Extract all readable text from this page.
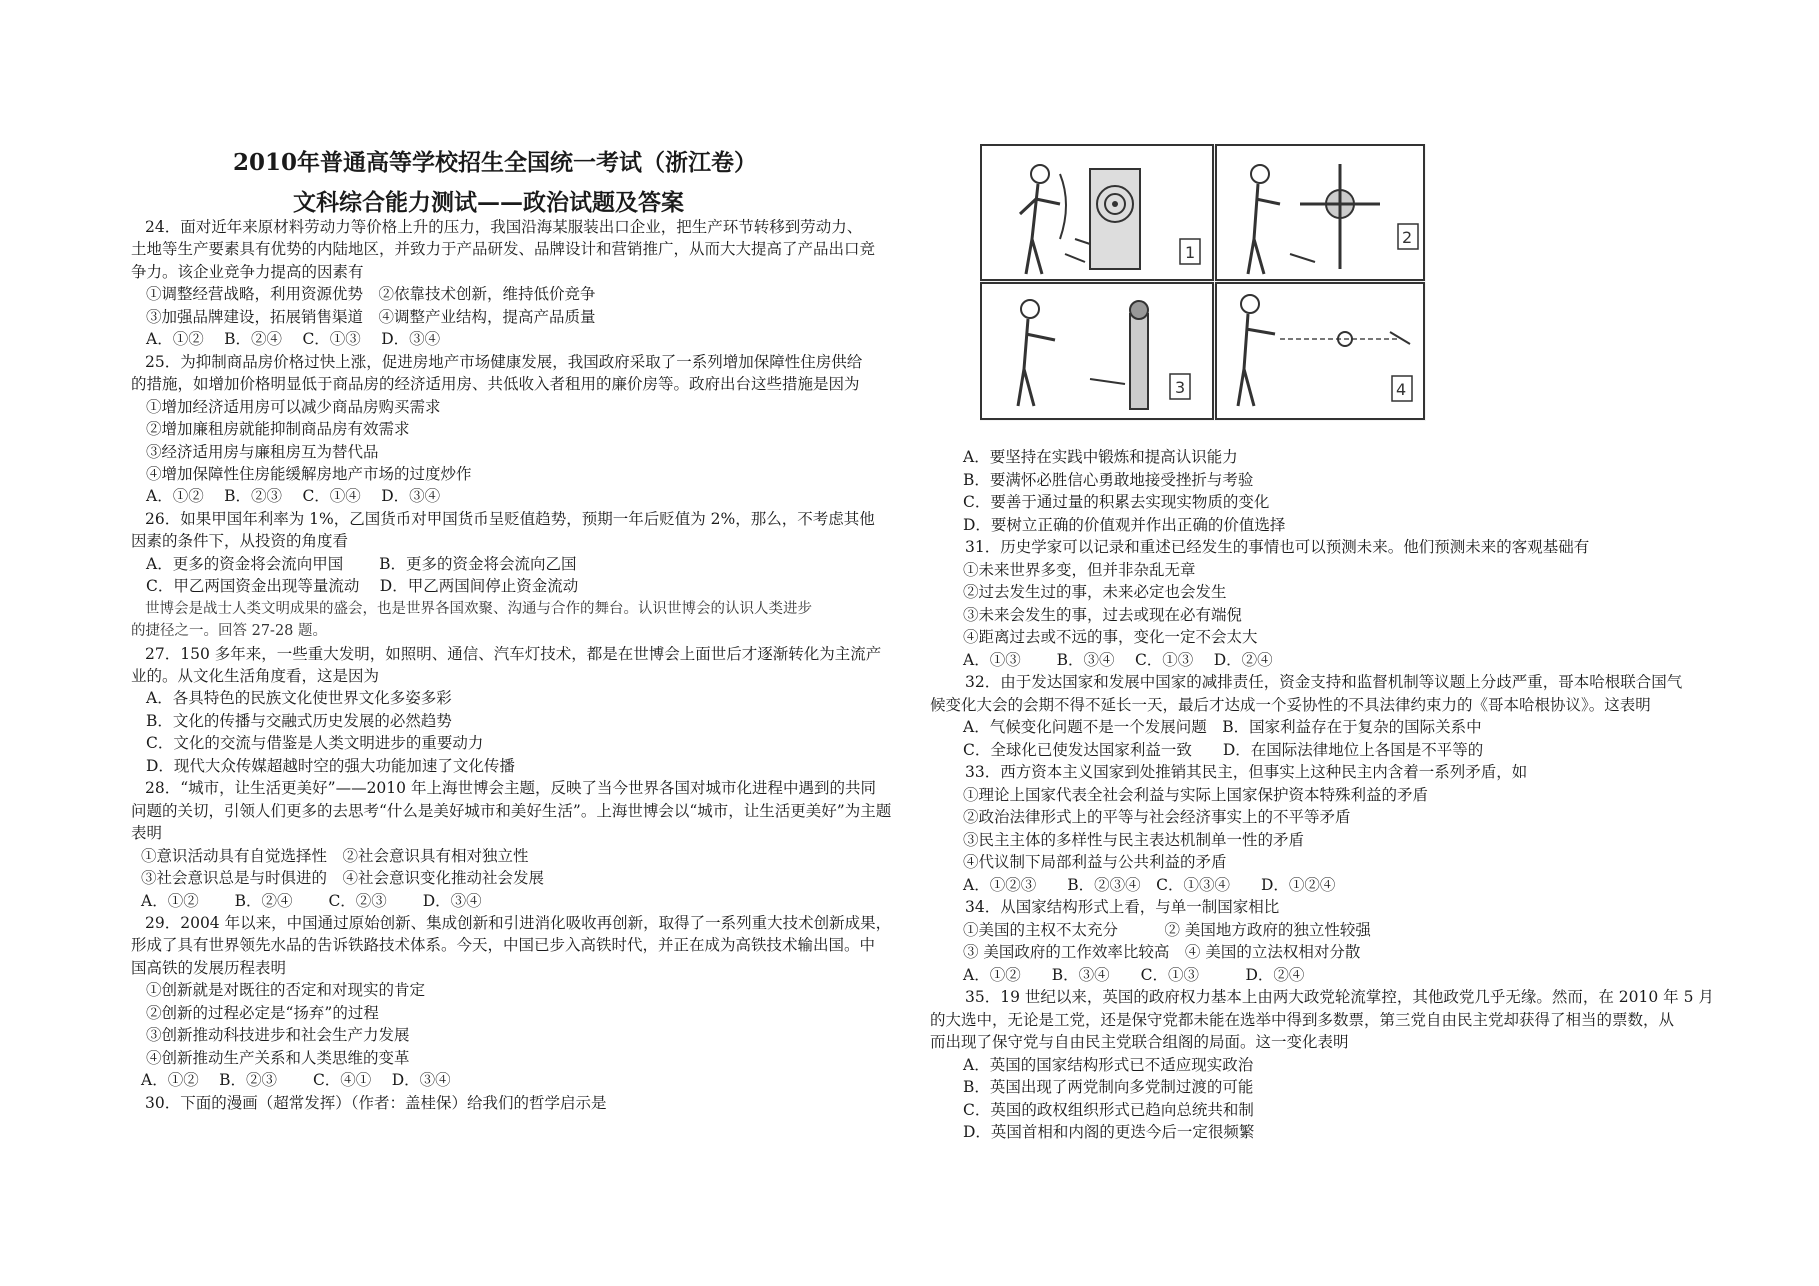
2010年普通高等学校招生全国统一考试（浙江卷）
文科综合能力测试——政治试题及答案
24．面对近年来原材料劳动力等价格上升的压力，我国沿海某服装出口企业，把生产环节转移到劳动力、
土地等生产要素具有优势的内陆地区，并致力于产品研发、品牌设计和营销推广，从而大大提高了产品出口竞
争力。该企业竞争力提高的因素有
①调整经营战略，利用资源优势　②依靠技术创新，维持低价竞争
③加强品牌建设，拓展销售渠道　④调整产业结构，提高产品质量
A．①②　 B．②④　 C．①③　 D．③④
25．为抑制商品房价格过快上涨，促进房地产市场健康发展，我国政府采取了一系列增加保障性住房供给
的措施，如增加价格明显低于商品房的经济适用房、共低收入者租用的廉价房等。政府出台这些措施是因为
①增加经济适用房可以减少商品房购买需求
②增加廉租房就能抑制商品房有效需求
③经济适用房与廉租房互为替代品
④增加保障性住房能缓解房地产市场的过度炒作
A．①②　 B．②③　 C．①④　 D．③④
26．如果甲国年利率为 1%，乙国货币对甲国货币呈贬值趋势，预期一年后贬值为 2%，那么，不考虑其他
因素的条件下，从投资的角度看
A．更多的资金将会流向甲国　　 B．更多的资金将会流向乙国
C．甲乙两国资金出现等量流动　 D．甲乙两国间停止资金流动
世博会是战士人类文明成果的盛会，也是世界各国欢聚、沟通与合作的舞台。认识世博会的认识人类进步
的捷径之一。回答 27-28 题。
27．150 多年来，一些重大发明，如照明、通信、汽车灯技术，都是在世博会上面世后才逐渐转化为主流产
业的。从文化生活角度看，这是因为
A．各具特色的民族文化使世界文化多姿多彩
B．文化的传播与交融式历史发展的必然趋势
C．文化的交流与借鉴是人类文明进步的重要动力
D．现代大众传媒超越时空的强大功能加速了文化传播
28．“城市，让生活更美好”——2010 年上海世博会主题，反映了当今世界各国对城市化进程中遇到的共同
问题的关切，引领人们更多的去思考“什么是美好城市和美好生活”。上海世博会以“城市，让生活更美好”为主题
表明
①意识活动具有自觉选择性　②社会意识具有相对独立性
③社会意识总是与时俱进的　④社会意识变化推动社会发展
A．①②　　 B．②④　　 C．②③　　 D．③④
29．2004 年以来，中国通过原始创新、集成创新和引进消化吸收再创新，取得了一系列重大技术创新成果，
形成了具有世界领先水品的吿诉铁路技术体系。今天，中国已步入高铁时代，并正在成为高铁技术输出国。中
国高铁的发展历程表明
①创新就是对既往的否定和对现实的肯定
②创新的过程必定是“扬弃”的过程
③创新推动科技进步和社会生产力发展
④创新推动生产关系和人类思维的变革
A．①②　 B．②③　　 C．④①　 D．③④
30．下面的漫画（超常发挥）（作者：盖桂保）给我们的哲学启示是
A．要坚持在实践中锻炼和提高认识能力
B．要满怀必胜信心勇敢地接受挫折与考验
C．要善于通过量的积累去实现实物质的变化
D．要树立正确的价值观并作出正确的价值选择
31．历史学家可以记录和重述已经发生的事情也可以预测未来。他们预测未来的客观基础有
①未来世界多变，但并非杂乱无章
②过去发生过的事，未来必定也会发生
③未来会发生的事，过去或现在必有端倪
④距离过去或不远的事，变化一定不会太大
A．①③　　 B．③④　 C．①③　 D．②④
32．由于发达国家和发展中国家的减排责任，资金支持和监督机制等议题上分歧严重，哥本哈根联合国气
候变化大会的会期不得不延长一天，最后才达成一个妥协性的不具法律约束力的《哥本哈根协议》。这表明
A．气候变化问题不是一个发展问题　B．国家利益存在于复杂的国际关系中
C．全球化已使发达国家利益一致　　D．在国际法律地位上各国是不平等的
33．西方资本主义国家到处推销其民主，但事实上这种民主内含着一系列矛盾，如
①理论上国家代表全社会利益与实际上国家保护资本特殊利益的矛盾
②政治法律形式上的平等与社会经济事实上的不平等矛盾
③民主主体的多样性与民主表达机制单一性的矛盾
④代议制下局部利益与公共利益的矛盾
A．①②③　　B．②③④　C．①③④　　D．①②④
34．从国家结构形式上看，与单一制国家相比
①美国的主权不太充分　　　② 美国地方政府的独立性较强
③ 美国政府的工作效率比较高　④ 美国的立法权相对分散
A．①②　　B．③④　　C．①③　　　D．②④
35．19 世纪以来，英国的政府权力基本上由两大政党轮流掌控，其他政党几乎无缘。然而，在 2010 年 5 月
的大选中，无论是工党，还是保守党都未能在选举中得到多数票，第三党自由民主党却获得了相当的票数，从
而出现了保守党与自由民主党联合组阁的局面。这一变化表明
A．英国的国家结构形式已不适应现实政治
B．英国出现了两党制向多党制过渡的可能
C．英国的政权组织形式已趋向总统共和制
D．英国首相和内阁的更迭今后一定很频繁
1
2
3	4
